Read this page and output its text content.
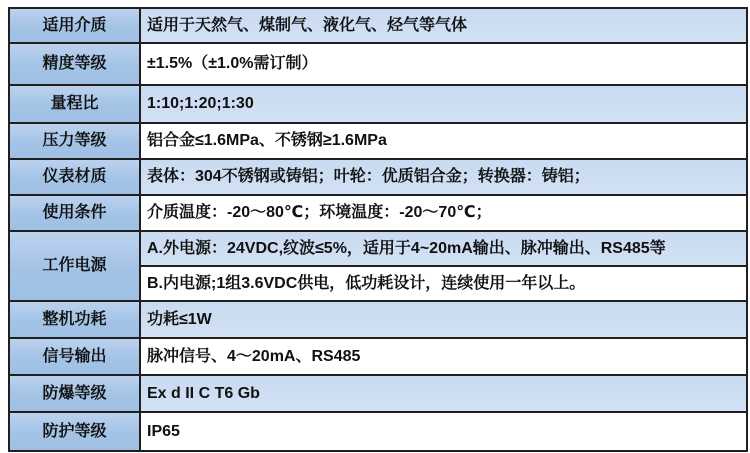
适用介质	适用于天然气、煤制气、液化气、烃气等气体
精度等级	±1.5%（±1.0%需订制）
量程比	1:10;1:20;1:30
压力等级	铝合金≤1.6MPa、不锈钢≥1.6MPa
仪表材质	表体：304不锈钢或铸铝；叶轮：优质铝合金；转换器：铸铝；
使用条件	介质温度：-20～80℃；环境温度：-20～70℃；
工作电源	A.外电源：24VDC,纹波≤5%，适用于4~20mA输出、脉冲输出、RS485等
	B.内电源;1组3.6VDC供电，低功耗设计，连续使用一年以上。
整机功耗	功耗≤1W
信号输出	脉冲信号、4～20mA、RS485
防爆等级	Ex d II C T6 Gb
防护等级	IP65
